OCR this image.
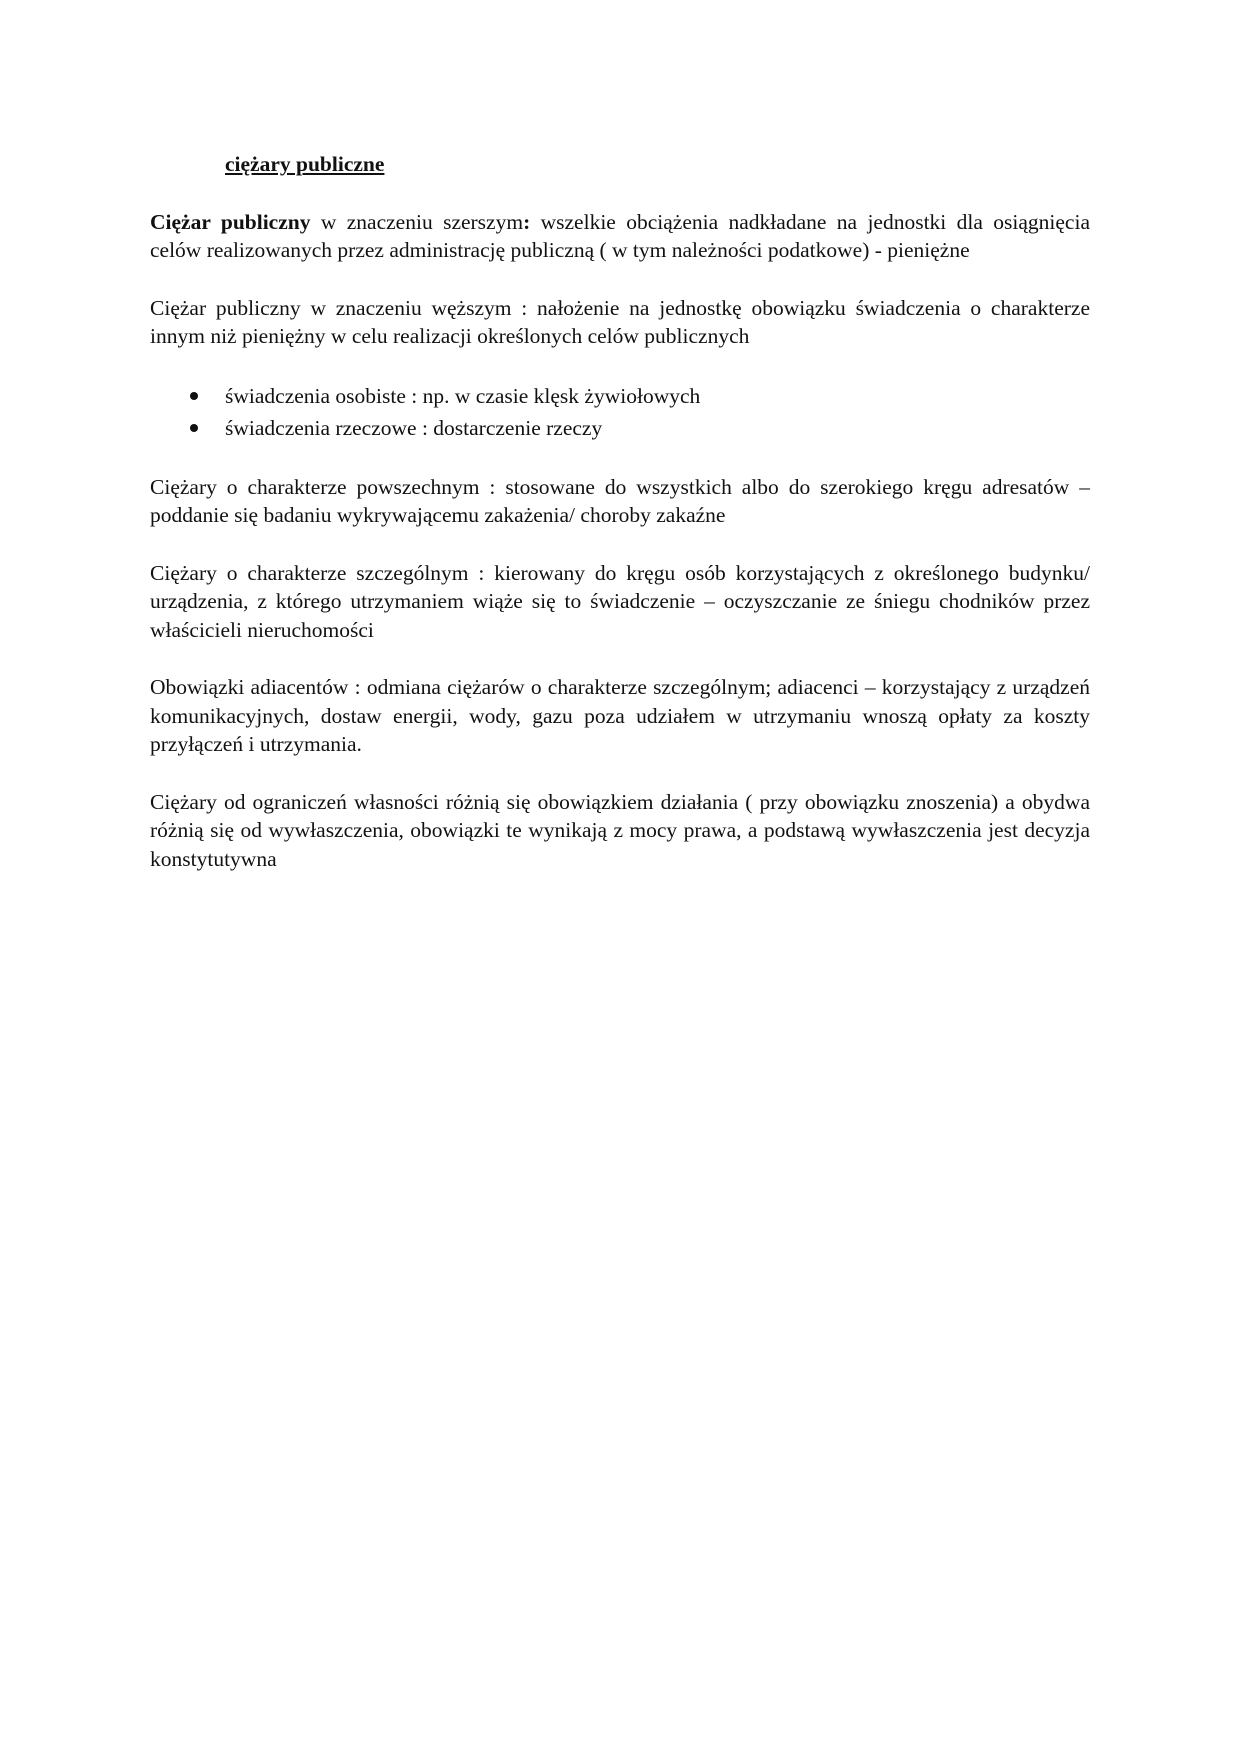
ciężary publiczne

Ciężar publiczny w znaczeniu szerszym: wszelkie obciążenia nadkładane na jednostki dla osiągnięcia celów realizowanych przez administrację publiczną ( w tym należności podatkowe) - pieniężne

Ciężar publiczny w znaczeniu węższym : nałożenie na jednostkę obowiązku świadczenia o charakterze innym niż pieniężny w celu realizacji określonych celów publicznych

świadczenia osobiste : np. w czasie klęsk żywiołowych
świadczenia rzeczowe : dostarczenie rzeczy

Ciężary o charakterze powszechnym : stosowane do wszystkich albo do szerokiego kręgu adresatów – poddanie się badaniu wykrywającemu zakażenia/ choroby zakaźne

Ciężary o charakterze szczególnym : kierowany do kręgu osób korzystających z określonego budynku/ urządzenia, z którego utrzymaniem wiąże się to świadczenie – oczyszczanie ze śniegu chodników przez właścicieli nieruchomości

Obowiązki adiacentów : odmiana ciężarów o charakterze szczególnym; adiacenci – korzystający z urządzeń komunikacyjnych, dostaw energii, wody, gazu poza udziałem w utrzymaniu wnoszą opłaty za koszty przyłączeń i utrzymania.

Ciężary od ograniczeń własności różnią się obowiązkiem działania ( przy obowiązku znoszenia) a obydwa różnią się od wywłaszczenia, obowiązki te wynikają z mocy prawa, a podstawą wywłaszczenia jest decyzja konstytutywna
